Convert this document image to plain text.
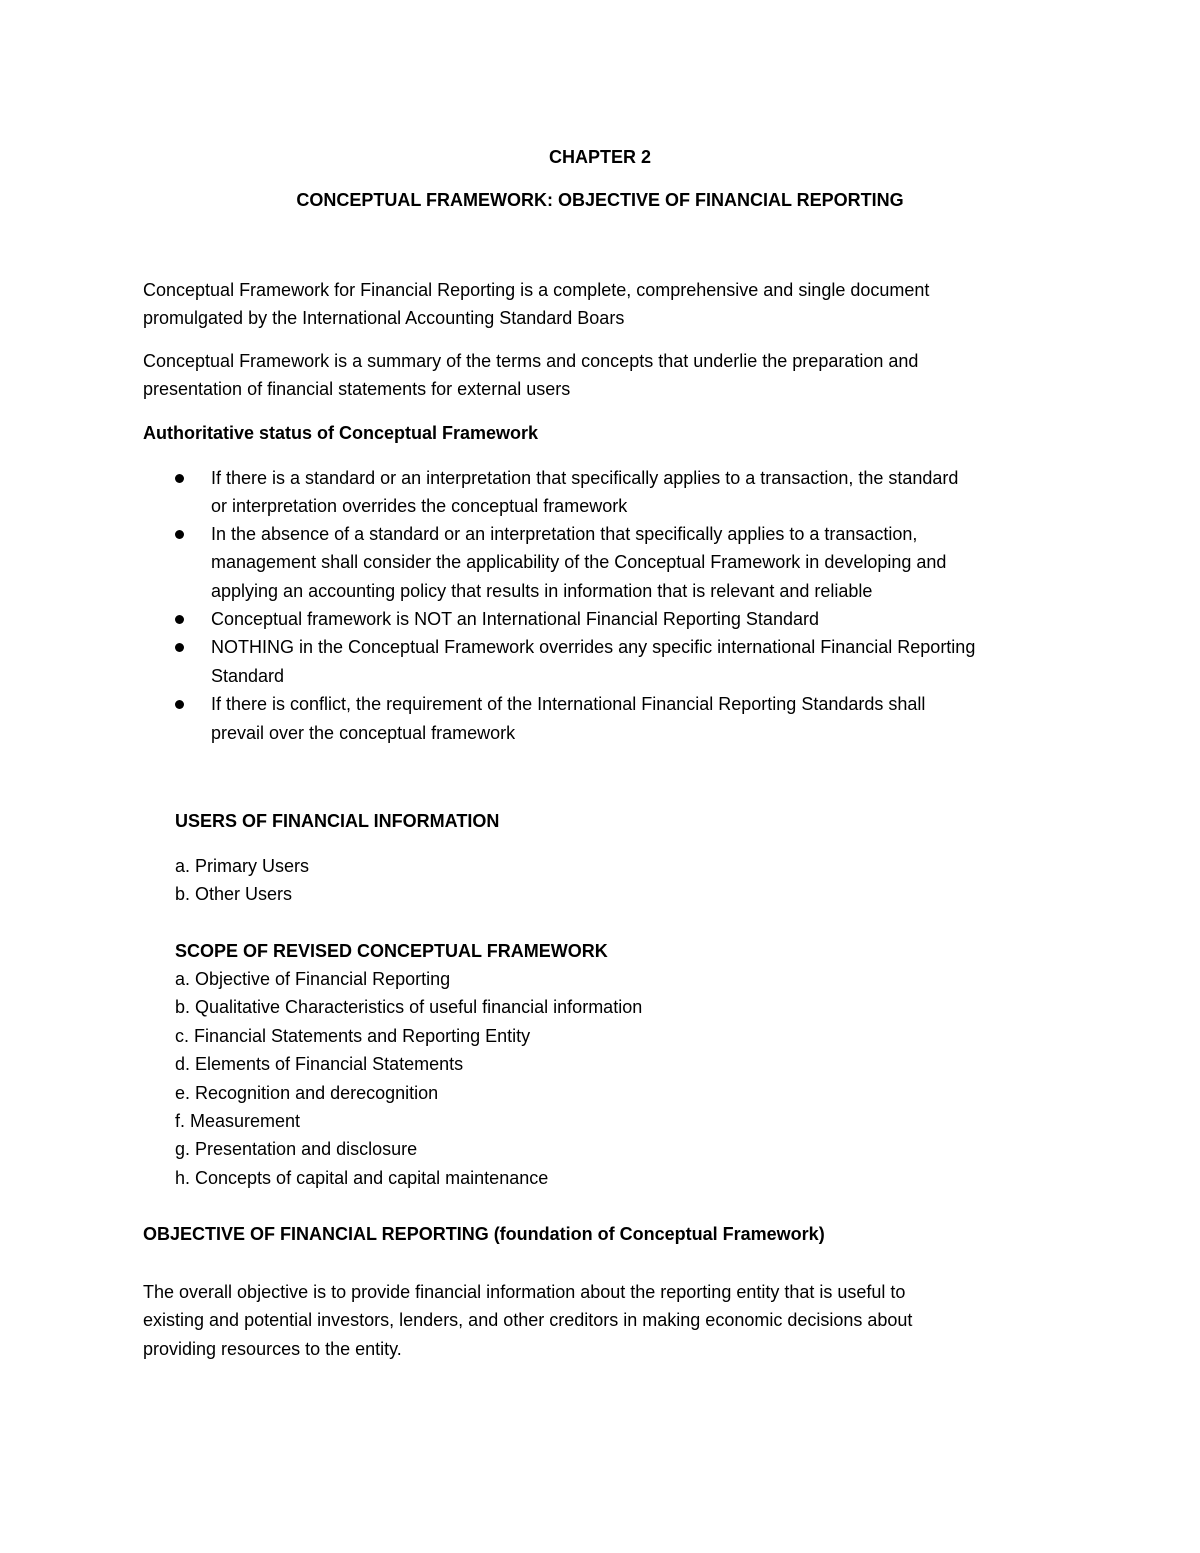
CHAPTER 2
CONCEPTUAL FRAMEWORK: OBJECTIVE OF FINANCIAL REPORTING
Conceptual Framework for Financial Reporting is a complete, comprehensive and single document
promulgated by the International Accounting Standard Boars
Conceptual Framework is a summary of the terms and concepts that underlie the preparation and
presentation of financial statements for external users
Authoritative status of Conceptual Framework
If there is a standard or an interpretation that specifically applies to a transaction, the standard
or interpretation overrides the conceptual framework
In the absence of a standard or an interpretation that specifically applies to a transaction,
management shall consider the applicability of the Conceptual Framework in developing and
applying an accounting policy that results in information that is relevant and reliable
Conceptual framework is NOT an International Financial Reporting Standard
NOTHING in the Conceptual Framework overrides any specific international Financial Reporting
Standard
If there is conflict, the requirement of the International Financial Reporting Standards shall
prevail over the conceptual framework
USERS OF FINANCIAL INFORMATION
a. Primary Users
b. Other Users
SCOPE OF REVISED CONCEPTUAL FRAMEWORK
a. Objective of Financial Reporting
b. Qualitative Characteristics of useful financial information
c. Financial Statements and Reporting Entity
d. Elements of Financial Statements
e. Recognition and derecognition
f. Measurement
g. Presentation and disclosure
h. Concepts of capital and capital maintenance
OBJECTIVE OF FINANCIAL REPORTING (foundation of Conceptual Framework)
The overall objective is to provide financial information about the reporting entity that is useful to
existing and potential investors, lenders, and other creditors in making economic decisions about
providing resources to the entity.
